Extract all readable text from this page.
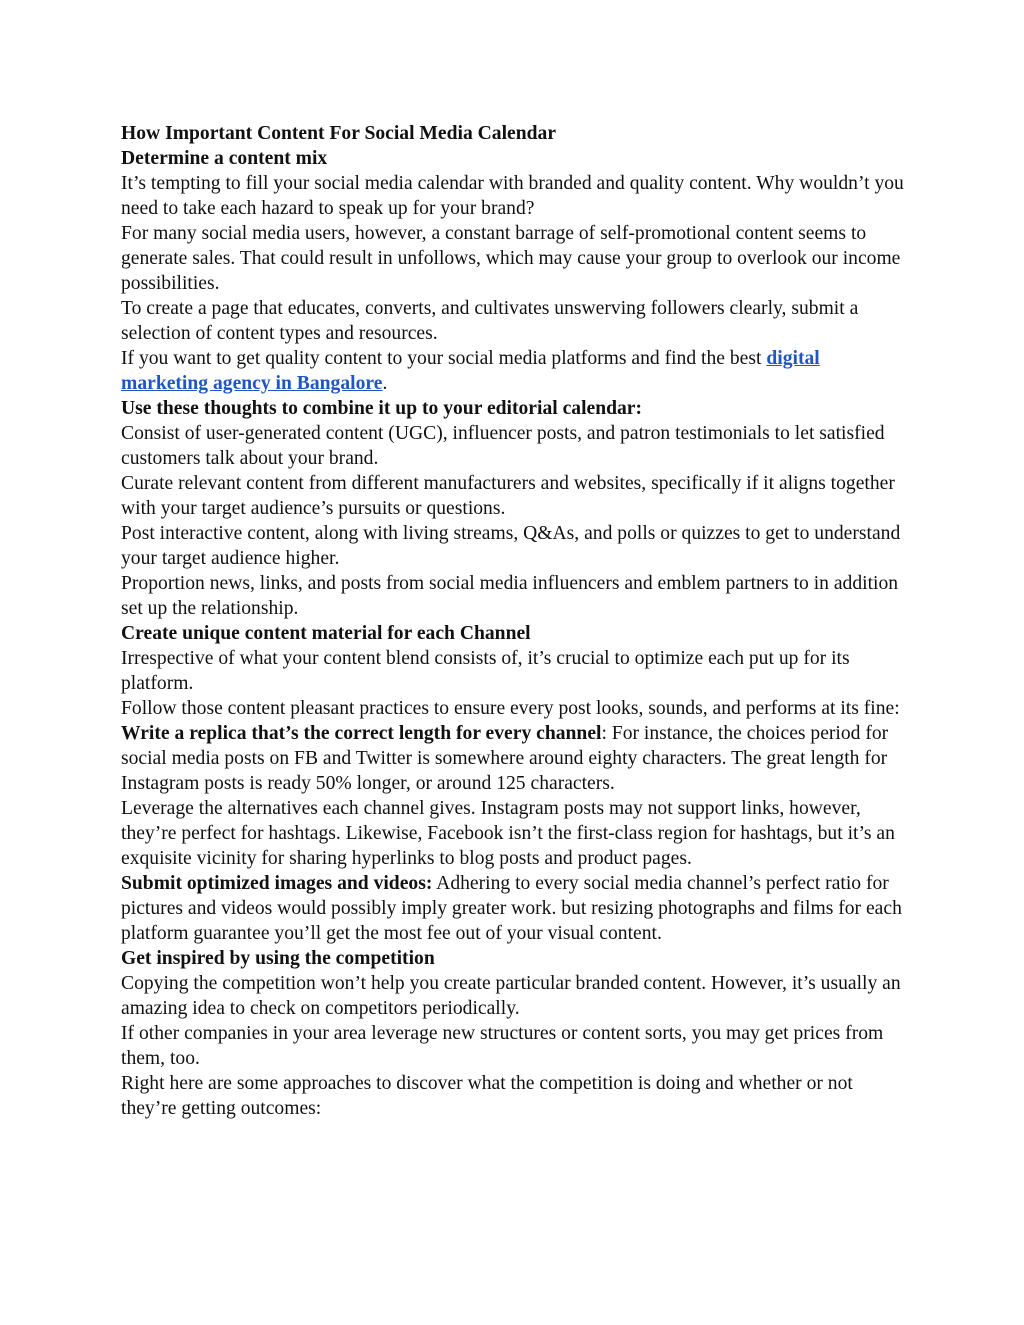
How Important Content For Social Media Calendar

Determine a content mix

It’s tempting to fill your social media calendar with branded and quality content. Why wouldn’t you need to take each hazard to speak up for your brand?

For many social media users, however, a constant barrage of self-promotional content seems to generate sales. That could result in unfollows, which may cause your group to overlook our income possibilities.

To create a page that educates, converts, and cultivates unswerving followers clearly, submit a selection of content types and resources.

If you want to get quality content to your social media platforms and find the best digital marketing agency in Bangalore.

Use these thoughts to combine it up to your editorial calendar:

Consist of user-generated content (UGC), influencer posts, and patron testimonials to let satisfied customers talk about your brand.

Curate relevant content from different manufacturers and websites, specifically if it aligns together with your target audience’s pursuits or questions.

Post interactive content, along with living streams, Q&As, and polls or quizzes to get to understand your target audience higher.

Proportion news, links, and posts from social media influencers and emblem partners to in addition set up the relationship.

Create unique content material for each Channel

Irrespective of what your content blend consists of, it’s crucial to optimize each put up for its platform.

Follow those content pleasant practices to ensure every post looks, sounds, and performs at its fine:

Write a replica that’s the correct length for every channel: For instance, the choices period for social media posts on FB and Twitter is somewhere around eighty characters. The great length for Instagram posts is ready 50% longer, or around 125 characters.

Leverage the alternatives each channel gives. Instagram posts may not support links, however, they’re perfect for hashtags. Likewise, Facebook isn’t the first-class region for hashtags, but it’s an exquisite vicinity for sharing hyperlinks to blog posts and product pages.

Submit optimized images and videos: Adhering to every social media channel’s perfect ratio for pictures and videos would possibly imply greater work. but resizing photographs and films for each platform guarantee you’ll get the most fee out of your visual content.

Get inspired by using the competition

Copying the competition won’t help you create particular branded content. However, it’s usually an amazing idea to check on competitors periodically.

If other companies in your area leverage new structures or content sorts, you may get prices from them, too.

Right here are some approaches to discover what the competition is doing and whether or not they’re getting outcomes:
